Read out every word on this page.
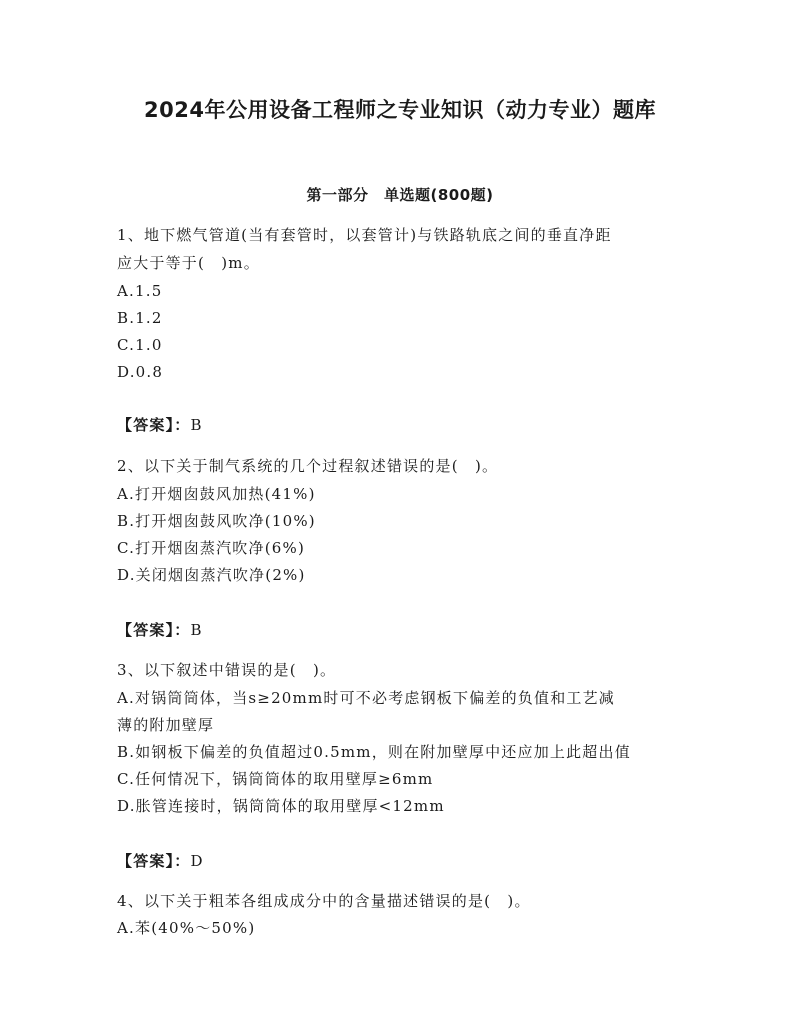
2024年公用设备工程师之专业知识（动力专业）题库
第一部分　单选题(800题)
1、地下燃气管道(当有套管时，以套管计)与铁路轨底之间的垂直净距
应大于等于(　)m。
A.1.5
B.1.2
C.1.0
D.0.8
【答案】：B
2、以下关于制气系统的几个过程叙述错误的是(　)。
A.打开烟囱鼓风加热(41%)
B.打开烟囱鼓风吹净(10%)
C.打开烟囱蒸汽吹净(6%)
D.关闭烟囱蒸汽吹净(2%)
【答案】：B
3、以下叙述中错误的是(　)。
A.对锅筒筒体，当s≥20mm时可不必考虑钢板下偏差的负值和工艺减
薄的附加壁厚
B.如钢板下偏差的负值超过0.5mm，则在附加壁厚中还应加上此超出值
C.任何情况下，锅筒筒体的取用壁厚≥6mm
D.胀管连接时，锅筒筒体的取用壁厚<12mm
【答案】：D
4、以下关于粗苯各组成成分中的含量描述错误的是(　)。
A.苯(40%～50%)
